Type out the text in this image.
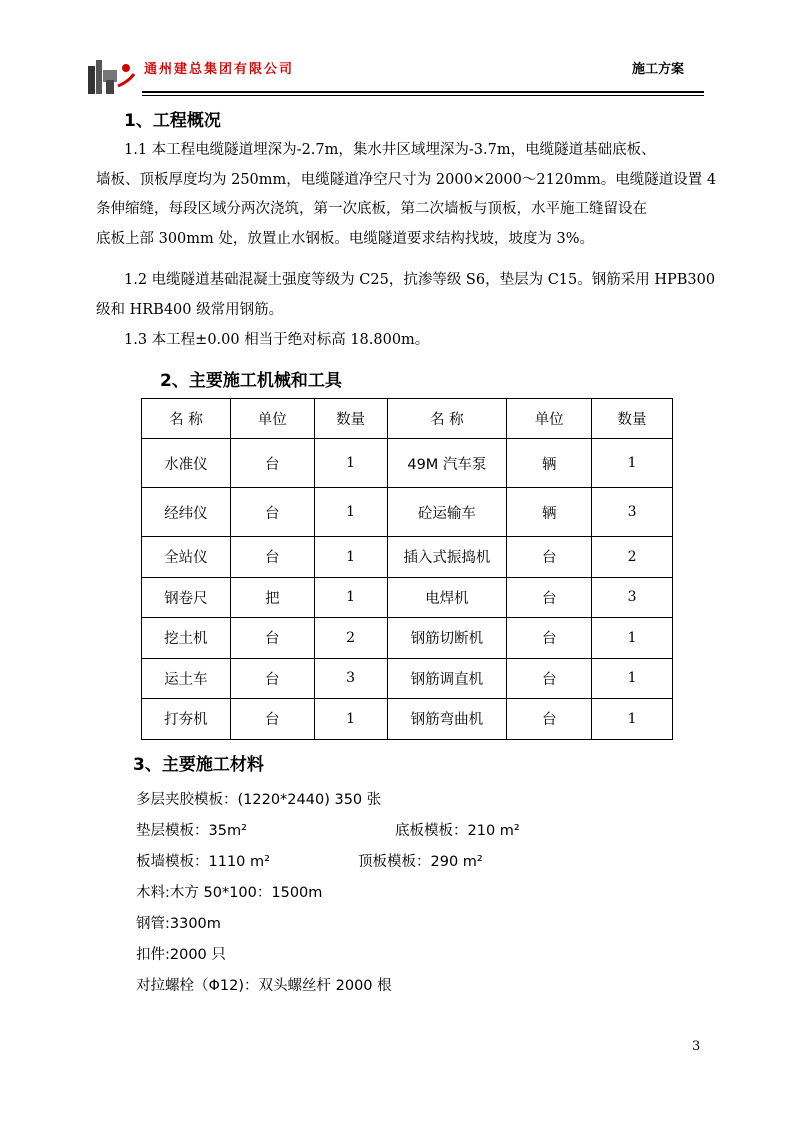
通州建总集团有限公司	施工方案
1、工程概况
1.1 本工程电缆隧道埋深为-2.7m，集水井区域埋深为-3.7m，电缆隧道基础底板、
墙板、顶板厚度均为 250mm，电缆隧道净空尺寸为 2000×2000～2120mm。电缆隧道设置 4
条伸缩缝，每段区域分两次浇筑，第一次底板，第二次墙板与顶板，水平施工缝留设在
底板上部 300mm 处，放置止水钢板。电缆隧道要求结构找坡，坡度为 3%。
1.2 电缆隧道基础混凝土强度等级为 C25，抗渗等级 S6，垫层为 C15。钢筋采用 HPB300
级和 HRB400 级常用钢筋。
1.3 本工程±0.00 相当于绝对标高 18.800m。
2、主要施工机械和工具
名 称	单位	数量	名 称	单位	数量
水准仪	台	1	49M 汽车泵	辆	1
经纬仪	台	1	砼运输车	辆	3
全站仪	台	1	插入式振捣机	台	2
钢卷尺	把	1	电焊机	台	3
挖土机	台	2	钢筋切断机	台	1
运土车	台	3	钢筋调直机	台	1
打夯机	台	1	钢筋弯曲机	台	1
3、主要施工材料
多层夹胶模板：(1220*2440) 350 张
垫层模板：35m²	底板模板：210 m²
板墙模板：1110 m²	顶板模板：290 m²
木料:木方 50*100：1500m
钢管:3300m
扣件:2000 只
对拉螺栓（Φ12)：双头螺丝杆 2000 根
3
